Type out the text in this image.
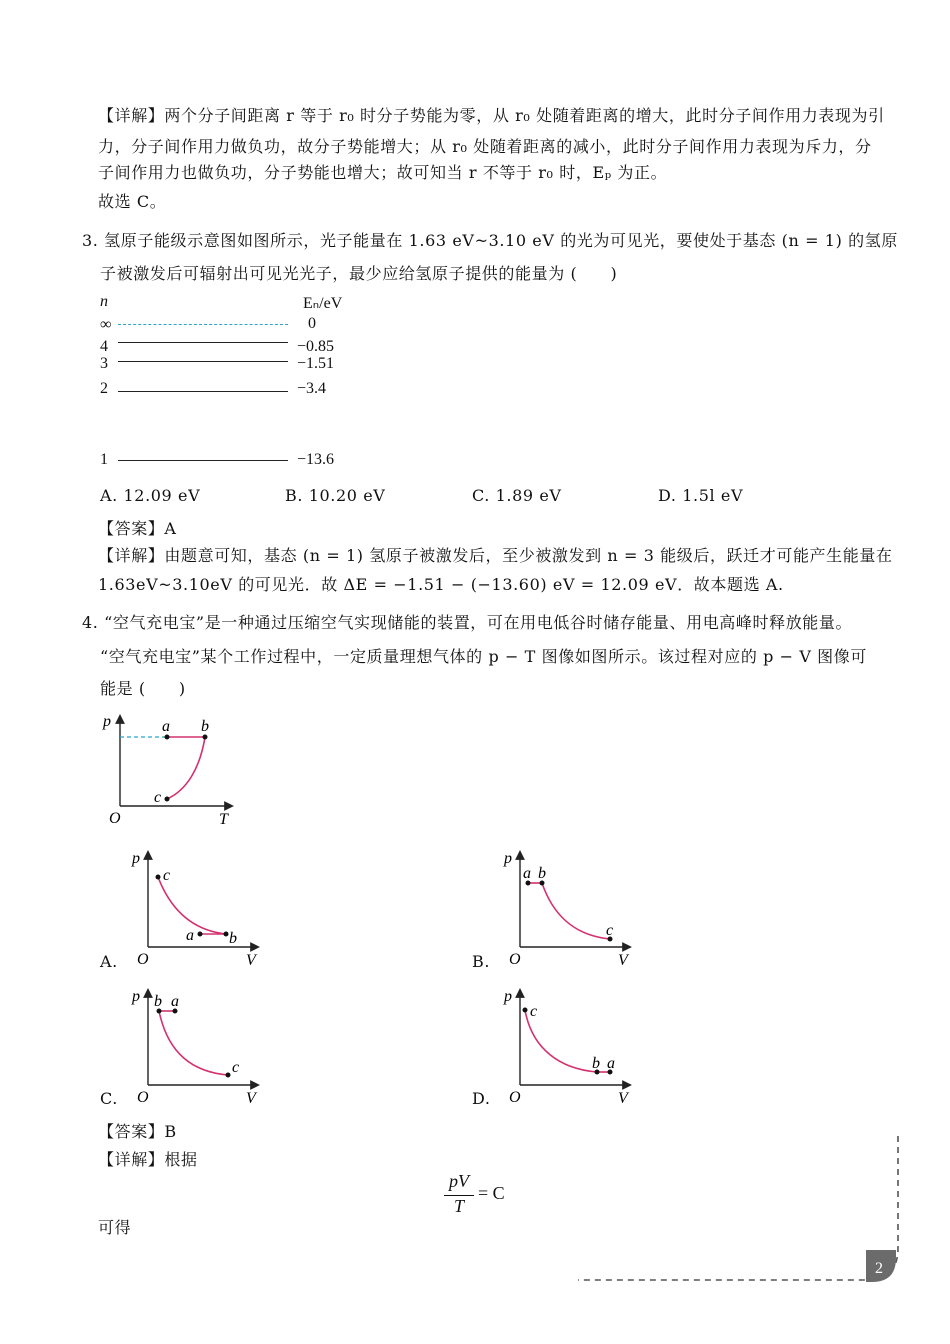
【详解】两个分子间距离 r 等于 r₀ 时分子势能为零，从 r₀ 处随着距离的增大，此时分子间作用力表现为引
力，分子间作用力做负功，故分子势能增大；从 r₀ 处随着距离的减小，此时分子间作用力表现为斥力，分
子间作用力也做负功，分子势能也增大；故可知当 r 不等于 r₀ 时，Eₚ 为正。
故选 C。
3. 氢原子能级示意图如图所示，光子能量在 1.63 eV~3.10 eV 的光为可见光，要使处于基态 (n = 1) 的氢原
子被激发后可辐射出可见光光子，最少应给氢原子提供的能量为 (　　)
n	Eₙ/eV
∞	0
4	−0.85
3	−1.51
2	−3.4
1	−13.6
A. 12.09 eV	B. 10.20 eV	C. 1.89 eV	D. 1.5l eV
【答案】A
【详解】由题意可知，基态 (n = 1) 氢原子被激发后，至少被激发到 n = 3 能级后，跃迁才可能产生能量在
1.63eV~3.10eV 的可见光．故 ΔE = −1.51 − (−13.60) eV = 12.09 eV．故本题选 A.
4. “空气充电宝”是一种通过压缩空气实现储能的装置，可在用电低谷时储存能量、用电高峰时释放能量。
“空气充电宝”某个工作过程中，一定质量理想气体的 p − T 图像如图所示。该过程对应的 p − V 图像可
能是 (　　)
p
O	T
a b
c
A.
p
O	V
c
a b
B.
p
O	V
a b
c
C.
p
O	V
b a
c
D.
p
O	V
c
b a
【答案】B
【详解】根据
pV
T
= C
可得
2
